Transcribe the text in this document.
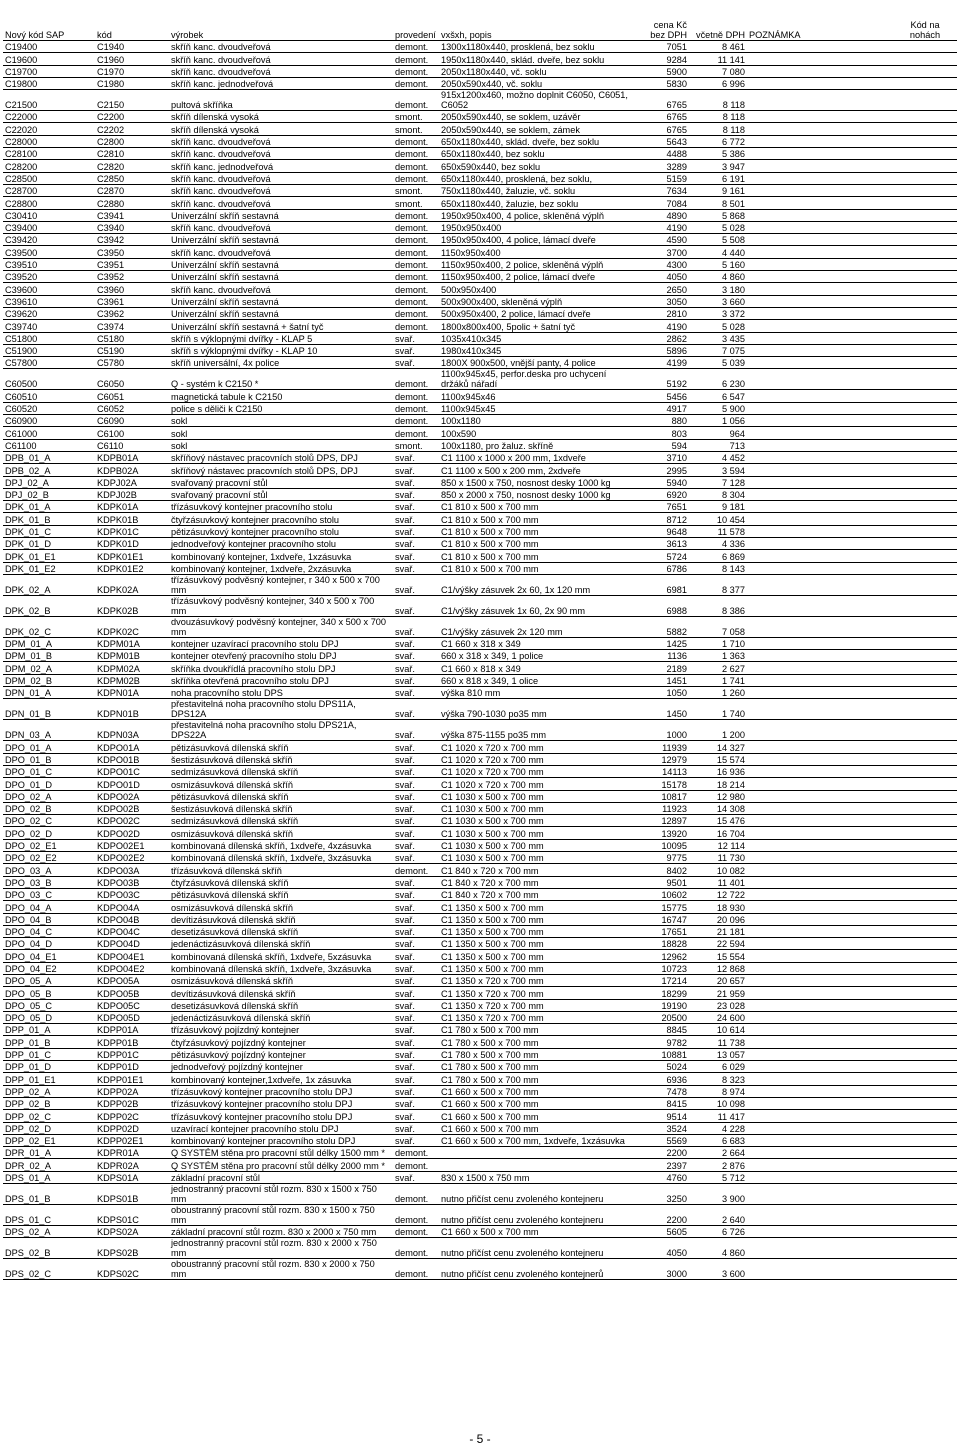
Nový kód SAP	kód	výrobek	provedení	vxšxh, popis	cena Kč bez DPH	včetně DPH	POZNÁMKA	Kód na nohách
C19400	C1940	skříň kanc. dvoudveřová	demont.	1300x1180x440, prosklená, bez soklu	7051	8 461		
C19600	C1960	skříň kanc. dvoudveřová	demont.	1950x1180x440, sklád. dveře, bez soklu	9284	11 141		
C19700	C1970	skříň kanc. dvoudveřová	demont.	2050x1180x440, vč. soklu	5900	7 080		
C19800	C1980	skříň kanc. jednodveřová	demont.	2050x590x440, vč. soklu	5830	6 996		
C21500	C2150	pultová skříňka	demont.	915x1200x460, možno doplnit C6050, C6051, C6052	6765	8 118		
C22000	C2200	skříň dílenská vysoká	smont.	2050x590x440, se soklem, uzávěr	6765	8 118		
C22020	C2202	skříň dílenská vysoká	smont.	2050x590x440, se soklem, zámek	6765	8 118		
C28000	C2800	skříň kanc. dvoudveřová	demont.	650x1180x440, sklád. dveře, bez soklu	5643	6 772		
C28100	C2810	skříň kanc. dvoudveřová	demont.	650x1180x440, bez soklu	4488	5 386		
C28200	C2820	skříň kanc. jednodveřová	demont.	650x590x440, bez soklu	3289	3 947		
C28500	C2850	skříň kanc. dvoudveřová	demont.	650x1180x440, prosklená, bez soklu,	5159	6 191		
C28700	C2870	skříň kanc. dvoudveřová	smont.	750x1180x440, žaluzie, vč. soklu	7634	9 161		
C28800	C2880	skříň kanc. dvoudveřová	smont.	650x1180x440, žaluzie, bez soklu	7084	8 501		
C30410	C3941	Univerzální skříň sestavná	demont.	1950x950x400, 4 police, skleněná výplň	4890	5 868		
C39400	C3940	skříň kanc. dvoudveřová	demont.	1950x950x400	4190	5 028		
C39420	C3942	Univerzální skříň sestavná	demont.	1950x950x400, 4 police, lámací dveře	4590	5 508		
C39500	C3950	skříň kanc. dvoudveřová	demont.	1150x950x400	3700	4 440		
C39510	C3951	Univerzální skříň sestavná	demont.	1150x950x400, 2 police, skleněná výplň	4300	5 160		
C39520	C3952	Univerzální skříň sestavná	demont.	1150x950x400, 2 police, lámací dveře	4050	4 860		
C39600	C3960	skříň kanc. dvoudveřová	demont.	500x950x400	2650	3 180		
C39610	C3961	Univerzální skříň sestavná	demont.	500x900x400, skleněná výplň	3050	3 660		
C39620	C3962	Univerzální skříň sestavná	demont.	500x950x400, 2 police, lámací dveře	2810	3 372		
C39740	C3974	Univerzální skříň sestavná + šatní tyč	demont.	1800x800x400, 5polic + šatní tyč	4190	5 028		
C51800	C5180	skříň s výklopnými dvířky - KLAP 5	svař.	1035x410x345	2862	3 435		
C51900	C5190	skříň s výklopnými dvířky - KLAP 10	svař.	1980x410x345	5896	7 075		
C57800	C5780	skříň universální, 4x police	svař.	1800X 900x500, vnější panty, 4 police	4199	5 039		
C60500	C6050	Q - systém k C2150 *	demont.	1100x945x45, perfor.deska pro uchycení držáků nářadí	5192	6 230		
C60510	C6051	magnetická tabule k C2150	demont.	1100x945x46	5456	6 547		
C60520	C6052	police s děliči k C2150	demont.	1100x945x45	4917	5 900		
C60900	C6090	sokl	demont.	100x1180	880	1 056		
C61000	C6100	sokl	demont.	100x590	803	964		
C61100	C6110	sokl	smont.	100x1180, pro žaluz. skříně	594	713		
DPB_01_A	KDPB01A	skříňový nástavec pracovních stolů DPS, DPJ	svař.	C1 1100 x 1000 x 200 mm, 1xdveře	3710	4 452		
DPB_02_A	KDPB02A	skříňový nástavec pracovních stolů DPS, DPJ	svař.	C1 1100 x 500 x 200 mm, 2xdveře	2995	3 594		
DPJ_02_A	KDPJ02A	svařovaný pracovní stůl	svař.	850 x 1500 x 750, nosnost desky 1000 kg	5940	7 128		
DPJ_02_B	KDPJ02B	svařovaný pracovní stůl	svař.	850 x 2000 x 750, nosnost desky 1000 kg	6920	8 304		
DPK_01_A	KDPK01A	třízásuvkový kontejner pracovního stolu	svař.	C1 810 x 500 x 700 mm	7651	9 181		
DPK_01_B	KDPK01B	čtyřzásuvkový kontejner pracovního stolu	svař.	C1 810 x 500 x 700 mm	8712	10 454		
DPK_01_C	KDPK01C	pětizásuvkový kontejner pracovního stolu	svař.	C1 810 x 500 x 700 mm	9648	11 578		
DPK_01_D	KDPK01D	jednodveřový kontejner pracovního stolu	svař.	C1 810 x 500 x 700 mm	3613	4 336		
DPK_01_E1	KDPK01E1	kombinovaný kontejner, 1xdveře, 1xzásuvka	svař.	C1 810 x 500 x 700 mm	5724	6 869		
DPK_01_E2	KDPK01E2	kombinovaný kontejner, 1xdveře, 2xzásuvka	svař.	C1 810 x 500 x 700 mm	6786	8 143		
DPK_02_A	KDPK02A	třízásuvkový podvěsný kontejner, r 340 x 500 x 700 mm	svař.	C1/výšky zásuvek 2x 60, 1x 120 mm	6981	8 377		
DPK_02_B	KDPK02B	třízásuvkový podvěsný kontejner, 340 x 500 x 700 mm	svař.	C1/výšky zásuvek 1x 60, 2x 90 mm	6988	8 386		
DPK_02_C	KDPK02C	dvouzásuvkový podvěsný kontejner, 340 x 500 x 700 mm	svař.	C1/výšky zásuvek 2x 120 mm	5882	7 058		
DPM_01_A	KDPM01A	kontejner uzavírací pracovního stolu DPJ	svař.	C1 660 x 318 x 349	1425	1 710		
DPM_01_B	KDPM01B	kontejner otevřený pracovního stolu DPJ	svař.	660 x 318 x 349, 1 police	1136	1 363		
DPM_02_A	KDPM02A	skříňka dvoukřídlá pracovního stolu DPJ	svař.	C1 660 x 818 x 349	2189	2 627		
DPM_02_B	KDPM02B	skříňka otevřená pracovního stolu DPJ	svař.	660 x 818 x 349, 1 olice	1451	1 741		
DPN_01_A	KDPN01A	noha pracovního stolu DPS	svař.	výška 810 mm	1050	1 260		
DPN_01_B	KDPN01B	přestavitelná noha pracovního stolu DPS11A, DPS12A	svař.	výška 790-1030 po35 mm	1450	1 740		
DPN_03_A	KDPN03A	přestavitelná noha pracovního stolu DPS21A, DPS22A	svař.	výška 875-1155 po35 mm	1000	1 200		
DPO_01_A	KDPO01A	pětizásuvková dílenská skříň	svař.	C1 1020 x 720 x 700 mm	11939	14 327		
DPO_01_B	KDPO01B	šestizásuvková dílenská skříň	svař.	C1 1020 x 720 x 700 mm	12979	15 574		
DPO_01_C	KDPO01C	sedmizásuvková dílenská skříň	svař.	C1 1020 x 720 x 700 mm	14113	16 936		
DPO_01_D	KDPO01D	osmizásuvková dílenská skříň	svař.	C1 1020 x 720 x 700 mm	15178	18 214		
DPO_02_A	KDPO02A	pětizásuvková dílenská skříň	svař.	C1 1030 x 500 x 700 mm	10817	12 980		
DPO_02_B	KDPO02B	šestizásuvková dílenská skříň	svař.	C1 1030 x 500 x 700 mm	11923	14 308		
DPO_02_C	KDPO02C	sedmizásuvková dílenská skříň	svař.	C1 1030 x 500 x 700 mm	12897	15 476		
DPO_02_D	KDPO02D	osmizásuvková dílenská skříň	svař.	C1 1030 x 500 x 700 mm	13920	16 704		
DPO_02_E1	KDPO02E1	kombinovaná dílenská skříň, 1xdveře, 4xzásuvka	svař.	C1 1030 x 500 x 700 mm	10095	12 114		
DPO_02_E2	KDPO02E2	kombinovaná dílenská skříň, 1xdveře, 3xzásuvka	svař.	C1 1030 x 500 x 700 mm	9775	11 730		
DPO_03_A	KDPO03A	třízásuvková dílenská skříň	demont.	C1 840 x 720 x 700 mm	8402	10 082		
DPO_03_B	KDPO03B	čtyřzásuvková dílenská skříň	svař.	C1 840 x 720 x 700 mm	9501	11 401		
DPO_03_C	KDPO03C	pětizásuvková dílenská skříň	svař.	C1 840 x 720 x 700 mm	10602	12 722		
DPO_04_A	KDPO04A	osmizásuvková dílenská skříň	svař.	C1 1350 x 500 x 700 mm	15775	18 930		
DPO_04_B	KDPO04B	devítizásuvková dílenská skříň	svař.	C1 1350 x 500 x 700 mm	16747	20 096		
DPO_04_C	KDPO04C	desetizásuvková dílenská skříň	svař.	C1 1350 x 500 x 700 mm	17651	21 181		
DPO_04_D	KDPO04D	jedenáctizásuvková dílenská skříň	svař.	C1 1350 x 500 x 700 mm	18828	22 594		
DPO_04_E1	KDPO04E1	kombinovaná dílenská skříň, 1xdveře, 5xzásuvka	svař.	C1 1350 x 500 x 700 mm	12962	15 554		
DPO_04_E2	KDPO04E2	kombinovaná dílenská skříň, 1xdveře, 3xzásuvka	svař.	C1 1350 x 500 x 700 mm	10723	12 868		
DPO_05_A	KDPO05A	osmizásuvková dílenská skříň	svař.	C1 1350 x 720 x 700 mm	17214	20 657		
DPO_05_B	KDPO05B	devítizásuvková dílenská skříň	svař.	C1 1350 x 720 x 700 mm	18299	21 959		
DPO_05_C	KDPO05C	desetizásuvková dílenská skříň	svař.	C1 1350 x 720 x 700 mm	19190	23 028		
DPO_05_D	KDPO05D	jedenáctizásuvková dílenská skříň	svař.	C1 1350 x 720 x 700 mm	20500	24 600		
DPP_01_A	KDPP01A	třízásuvkový pojízdný kontejner	svař.	C1 780 x 500 x 700 mm	8845	10 614		
DPP_01_B	KDPP01B	čtyřzásuvkový pojízdný kontejner	svař.	C1 780 x 500 x 700 mm	9782	11 738		
DPP_01_C	KDPP01C	pětizásuvkový pojízdný kontejner	svař.	C1 780 x 500 x 700 mm	10881	13 057		
DPP_01_D	KDPP01D	jednodveřový pojízdný kontejner	svař.	C1 780 x 500 x 700 mm	5024	6 029		
DPP_01_E1	KDPP01E1	kombinovaný kontejner,1xdveře, 1x zásuvka	svař.	C1 780 x 500 x 700 mm	6936	8 323		
DPP_02_A	KDPP02A	třízásuvkový kontejner pracovního stolu DPJ	svař.	C1 660 x 500 x 700 mm	7478	8 974		
DPP_02_B	KDPP02B	třízásuvkový kontejner pracovního stolu DPJ	svař.	C1 660 x 500 x 700 mm	8415	10 098		
DPP_02_C	KDPP02C	třízásuvkový kontejner pracovního stolu DPJ	svař.	C1 660 x 500 x 700 mm	9514	11 417		
DPP_02_D	KDPP02D	uzavírací kontejner pracovního stolu DPJ	svař.	C1 660 x 500 x 700 mm	3524	4 228		
DPP_02_E1	KDPP02E1	kombinovaný kontejner pracovního stolu DPJ	svař.	C1 660 x 500 x 700 mm, 1xdveře, 1xzásuvka	5569	6 683		
DPR_01_A	KDPR01A	Q SYSTÉM stěna pro pracovní stůl délky 1500 mm *	demont.		2200	2 664		
DPR_02_A	KDPR02A	Q SYSTÉM stěna pro pracovní stůl délky 2000 mm *	demont.		2397	2 876		
DPS_01_A	KDPS01A	základní pracovní stůl	svař.	830 x 1500 x 750 mm	4760	5 712		
DPS_01_B	KDPS01B	jednostranný pracovní stůl rozm. 830 x 1500 x 750 mm	demont.	nutno přičíst cenu zvoleného kontejneru	3250	3 900		
DPS_01_C	KDPS01C	oboustranný pracovní stůl rozm. 830 x 1500 x 750 mm	demont.	nutno přičíst cenu zvoleného kontejneru	2200	2 640		
DPS_02_A	KDPS02A	základní pracovní stůl rozm. 830 x 2000 x 750 mm	demont.	C1 660 x 500 x 700 mm	5605	6 726		
DPS_02_B	KDPS02B	jednostranný pracovní stůl rozm. 830 x 2000 x 750 mm	demont.	nutno přičíst cenu zvoleného kontejneru	4050	4 860		
DPS_02_C	KDPS02C	oboustranný pracovní stůl rozm. 830 x 2000 x 750 mm	demont.	nutno přičíst cenu zvoleného kontejnerů	3000	3 600		
- 5 -
